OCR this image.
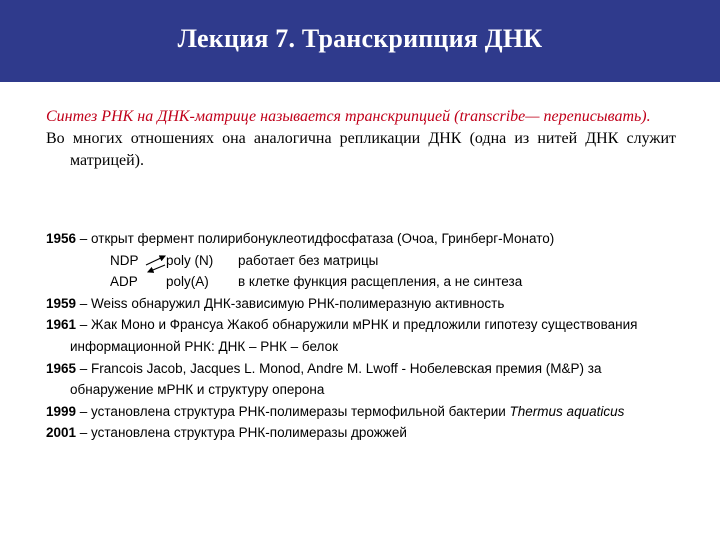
Лекция 7. Транскрипция ДНК

Синтез РНК на ДНК-матрице называется транскрипцией (transcribe— переписывать).

Во многих отношениях она аналогична репликации ДНК (одна из нитей ДНК служит матрицей).

1956 – открыт фермент полирибонуклеотидфосфатаза (Очоа, Гринберг-Монато)

NDP poly (N) работает без матрицы
ADP poly(A) в клетке функция расщепления, а не синтеза

1959 – Weiss обнаружил ДНК-зависимую РНК-полимеразную активность

1961 – Жак Моно и Франсуа Жакоб обнаружили мРНК и предложили гипотезу существования информационной РНК: ДНК – РНК – белок

1965 – Francois Jacob, Jacques L. Monod, Andre M. Lwoff - Нобелевская премия (M&P) за обнаружение мРНК и структуру оперона

1999 – установлена структура РНК-полимеразы термофильной бактерии Thermus aquaticus

2001 – установлена структура РНК-полимеразы дрожжей
